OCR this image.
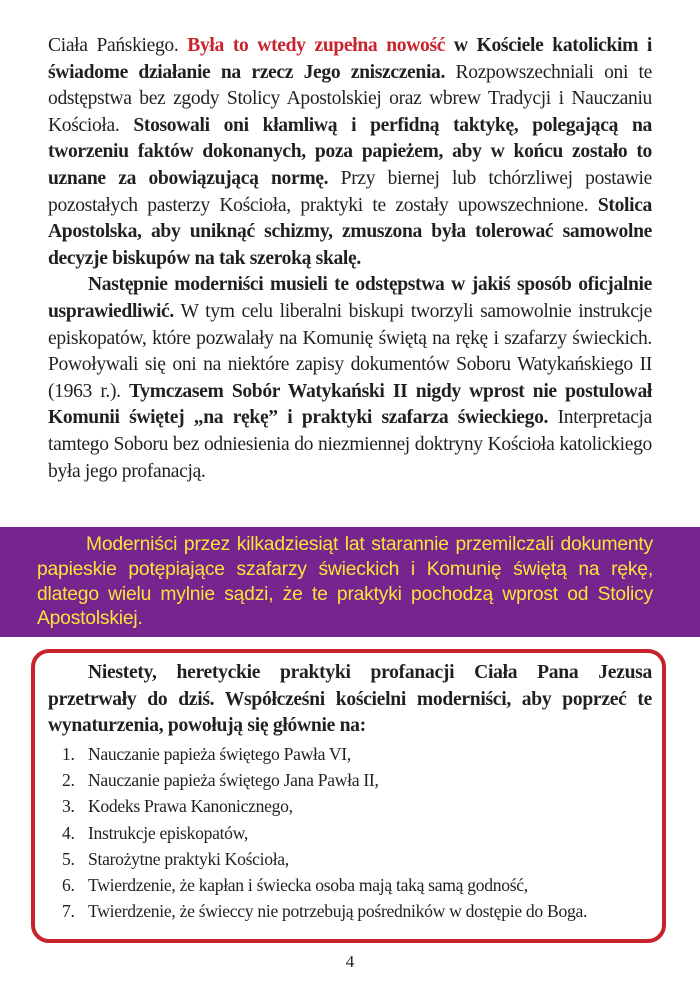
Ciała Pańskiego. Była to wtedy zupełna nowość w Kościele katolickim i świadome działanie na rzecz Jego zniszczenia. Rozpowszechniali oni te odstępstwa bez zgody Stolicy Apostolskiej oraz wbrew Tradycji i Nauczaniu Kościoła. Stosowali oni kłamliwą i perfidną taktykę, polegającą na tworzeniu faktów dokonanych, poza papieżem, aby w końcu zostało to uznane za obowiązującą normę. Przy biernej lub tchórzliwej postawie pozostałych pasterzy Kościoła, praktyki te zostały upowszechnione. Stolica Apostolska, aby uniknąć schizmy, zmuszona była tolerować samowolne decyzje biskupów na tak szeroką skalę.

Następnie moderniści musieli te odstępstwa w jakiś sposób oficjalnie usprawiedliwić. W tym celu liberalni biskupi tworzyli samowolnie instrukcje episkopatów, które pozwalały na Komunię świętą na rękę i szafarzy świeckich. Powoływali się oni na niektóre zapisy dokumentów Soboru Watykańskiego II (1963 r.). Tymczasem Sobór Watykański II nigdy wprost nie postulował Komunii świętej „na rękę” i praktyki szafarza świeckiego. Interpretacja tamtego Soboru bez odniesienia do niezmiennej doktryny Kościoła katolickiego była jego profanacją.

Moderniści przez kilkadziesiąt lat starannie przemilczali dokumenty papieskie potępiające szafarzy świeckich i Komunię świętą na rękę, dlatego wielu mylnie sądzi, że te praktyki pochodzą wprost od Stolicy Apostolskiej.

Niestety, heretyckie praktyki profanacji Ciała Pana Jezusa przetrwały do dziś. Współcześni kościelni moderniści, aby poprzeć te wynaturzenia, powołują się głównie na:

1. Nauczanie papieża świętego Pawła VI,
2. Nauczanie papieża świętego Jana Pawła II,
3. Kodeks Prawa Kanonicznego,
4. Instrukcje episkopatów,
5. Starożytne praktyki Kościoła,
6. Twierdzenie, że kapłan i świecka osoba mają taką samą godność,
7. Twierdzenie, że świeccy nie potrzebują pośredników w dostępie do Boga.
4
